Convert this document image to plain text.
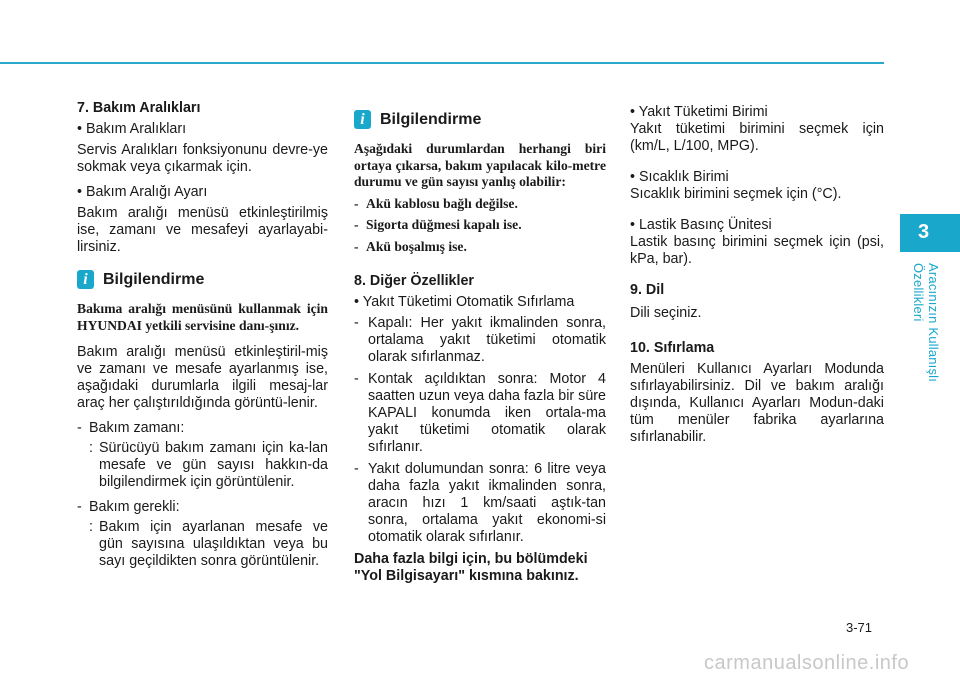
7. Bakım Aralıkları
• Bakım Aralıkları
Servis Aralıkları fonksiyonunu devre-ye sokmak veya çıkarmak için.
• Bakım Aralığı Ayarı
Bakım aralığı menüsü etkinleştirilmiş ise, zamanı ve mesafeyi ayarlayabi-lirsiniz.
i Bilgilendirme
Bakıma aralığı menüsünü kullanmak için HYUNDAI yetkili servisine danı-şınız.
Bakım aralığı menüsü etkinleştiril-miş ve zamanı ve mesafe ayarlanmış ise, aşağıdaki durumlarla ilgili mesaj-lar araç her çalıştırıldığında görüntü-lenir.
- Bakım zamanı:
: Sürücüyü bakım zamanı için ka-lan mesafe ve gün sayısı hakkın-da bilgilendirmek için görüntülenir.
- Bakım gerekli:
: Bakım için ayarlanan mesafe ve gün sayısına ulaşıldıktan veya bu sayı geçildikten sonra görüntülenir.
i Bilgilendirme
Aşağıdaki durumlardan herhangi biri ortaya çıkarsa, bakım yapılacak kilo-metre durumu ve gün sayısı yanlış olabilir:
- Akü kablosu bağlı değilse.
- Sigorta düğmesi kapalı ise.
- Akü boşalmış ise.
8. Diğer Özellikler
• Yakıt Tüketimi Otomatik Sıfırlama
- Kapalı: Her yakıt ikmalinden sonra, ortalama yakıt tüketimi otomatik olarak sıfırlanmaz.
- Kontak açıldıktan sonra: Motor 4 saatten uzun veya daha fazla bir süre KAPALI konumda iken ortala-ma yakıt tüketimi otomatik olarak sıfırlanır.
- Yakıt dolumundan sonra: 6 litre veya daha fazla yakıt ikmalinden sonra, aracın hızı 1 km/saati aştık-tan sonra, ortalama yakıt ekonomi-si otomatik olarak sıfırlanır.
Daha fazla bilgi için, bu bölümdeki "Yol Bilgisayarı" kısmına bakınız.
• Yakıt Tüketimi Birimi
Yakıt tüketimi birimini seçmek için (km/L, L/100, MPG).
• Sıcaklık Birimi
Sıcaklık birimini seçmek için (°C).
• Lastik Basınç Ünitesi
Lastik basınç birimini seçmek için (psi, kPa, bar).
9. Dil
Dili seçiniz.
10. Sıfırlama
Menüleri Kullanıcı Ayarları Modunda sıfırlayabilirsiniz. Dil ve bakım aralığı dışında, Kullanıcı Ayarları Modun-daki tüm menüler fabrika ayarlarına sıfırlanabilir.
3
Aracınızın Kullanışlı Özellikleri
3-71
carmanualsonline.info
